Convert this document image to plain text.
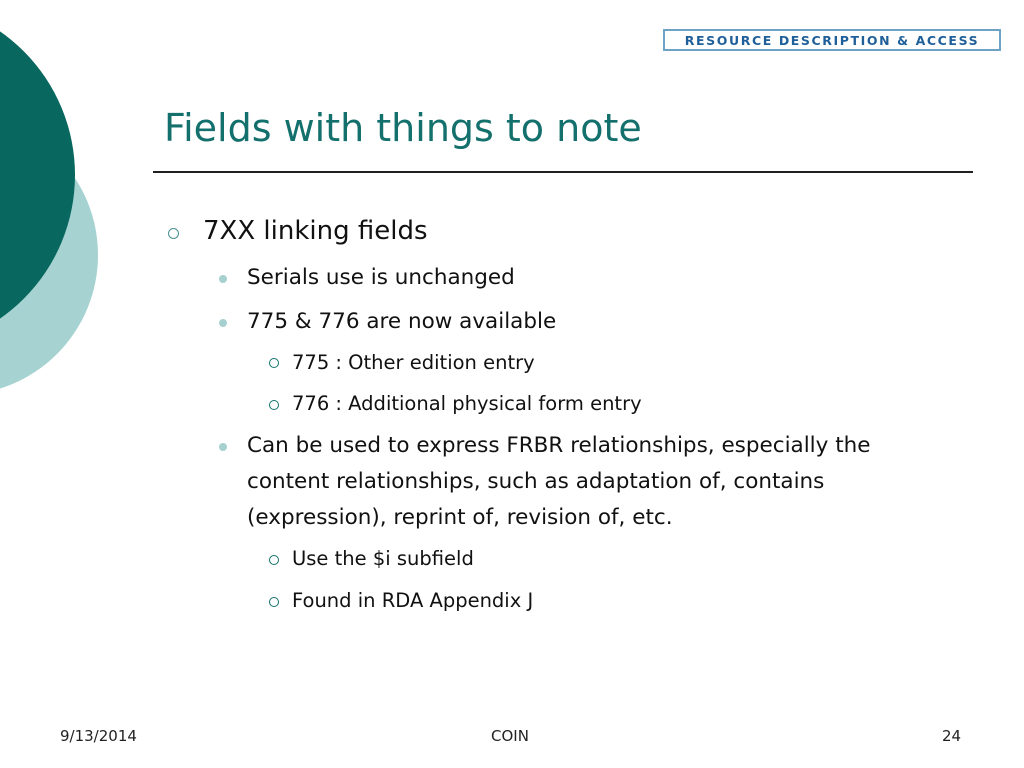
RESOURCE DESCRIPTION & ACCESS
Fields with things to note
7XX linking fields
Serials use is unchanged
775 & 776 are now available
775 : Other edition entry
776 : Additional physical form entry
Can be used to express FRBR relationships, especially the content relationships, such as adaptation of, contains (expression), reprint of, revision of, etc.
Use the $i subfield
Found in RDA Appendix J
9/13/2014	COIN	24
